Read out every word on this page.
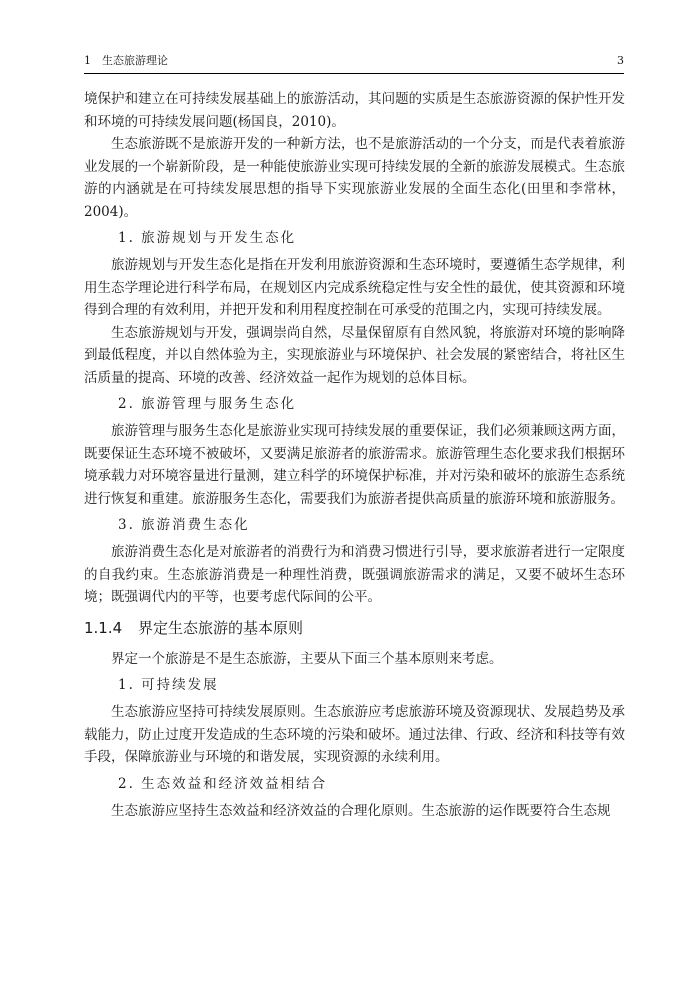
1　生态旅游理论	3

境保护和建立在可持续发展基础上的旅游活动，其问题的实质是生态旅游资源的保护性开发和环境的可持续发展问题(杨国良，2010)。

生态旅游既不是旅游开发的一种新方法，也不是旅游活动的一个分支，而是代表着旅游业发展的一个崭新阶段，是一种能使旅游业实现可持续发展的全新的旅游发展模式。生态旅游的内涵就是在可持续发展思想的指导下实现旅游业发展的全面生态化(田里和李常林，2004)。

1. 旅游规划与开发生态化

旅游规划与开发生态化是指在开发利用旅游资源和生态环境时，要遵循生态学规律，利用生态学理论进行科学布局，在规划区内完成系统稳定性与安全性的最优，使其资源和环境得到合理的有效利用，并把开发和利用程度控制在可承受的范围之内，实现可持续发展。

生态旅游规划与开发，强调崇尚自然，尽量保留原有自然风貌，将旅游对环境的影响降到最低程度，并以自然体验为主，实现旅游业与环境保护、社会发展的紧密结合，将社区生活质量的提高、环境的改善、经济效益一起作为规划的总体目标。

2. 旅游管理与服务生态化

旅游管理与服务生态化是旅游业实现可持续发展的重要保证，我们必须兼顾这两方面，既要保证生态环境不被破坏，又要满足旅游者的旅游需求。旅游管理生态化要求我们根据环境承载力对环境容量进行量测，建立科学的环境保护标准，并对污染和破坏的旅游生态系统进行恢复和重建。旅游服务生态化，需要我们为旅游者提供高质量的旅游环境和旅游服务。

3. 旅游消费生态化

旅游消费生态化是对旅游者的消费行为和消费习惯进行引导，要求旅游者进行一定限度的自我约束。生态旅游消费是一种理性消费，既强调旅游需求的满足，又要不破坏生态环境；既强调代内的平等，也要考虑代际间的公平。

1.1.4 界定生态旅游的基本原则

界定一个旅游是不是生态旅游，主要从下面三个基本原则来考虑。

1. 可持续发展

生态旅游应坚持可持续发展原则。生态旅游应考虑旅游环境及资源现状、发展趋势及承载能力，防止过度开发造成的生态环境的污染和破坏。通过法律、行政、经济和科技等有效手段，保障旅游业与环境的和谐发展，实现资源的永续利用。

2. 生态效益和经济效益相结合

生态旅游应坚持生态效益和经济效益的合理化原则。生态旅游的运作既要符合生态规
